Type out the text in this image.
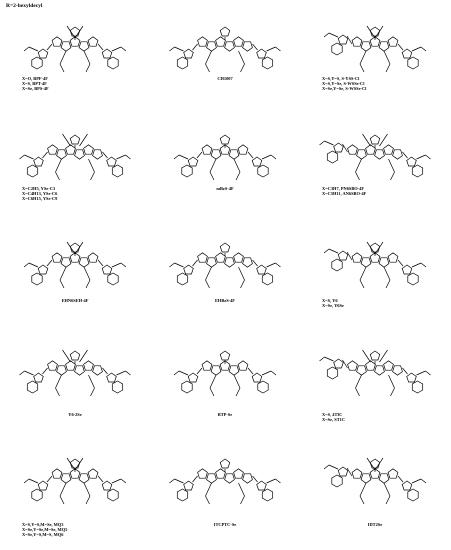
R=2-hexyldecyl
X=O, BPF-4F
X=S, BPT-4F
X=Se, BPS-4F
CH1007	X=S,Y=S, S-YSS-Cl
X=S,Y=Se, S-WSSe-Cl
X=Se,Y=Se, S-WSSe-Cl
X=C2H5, YSe-C3
X=C4H13, YSe-C6
X=C6H15, YSe-C9
mBzS-4F	X=C3H7, PN6SBO-4F
X=C5H11, AN6SBO-4F
EHN6SEH-4F	EHBzS-4F	X=S, Y6
X=Se, Y6Se
Y6-2Se	BTP-Se	X=S, 4TIC
X=Se, ST1C
X=S,Y=S,M=Se, MQ3
X=Se,Y=Se,M=Se, MQ5
X=Se,Y=S,M=S, MQ6
ITCPTC-Se	IDT2Se
